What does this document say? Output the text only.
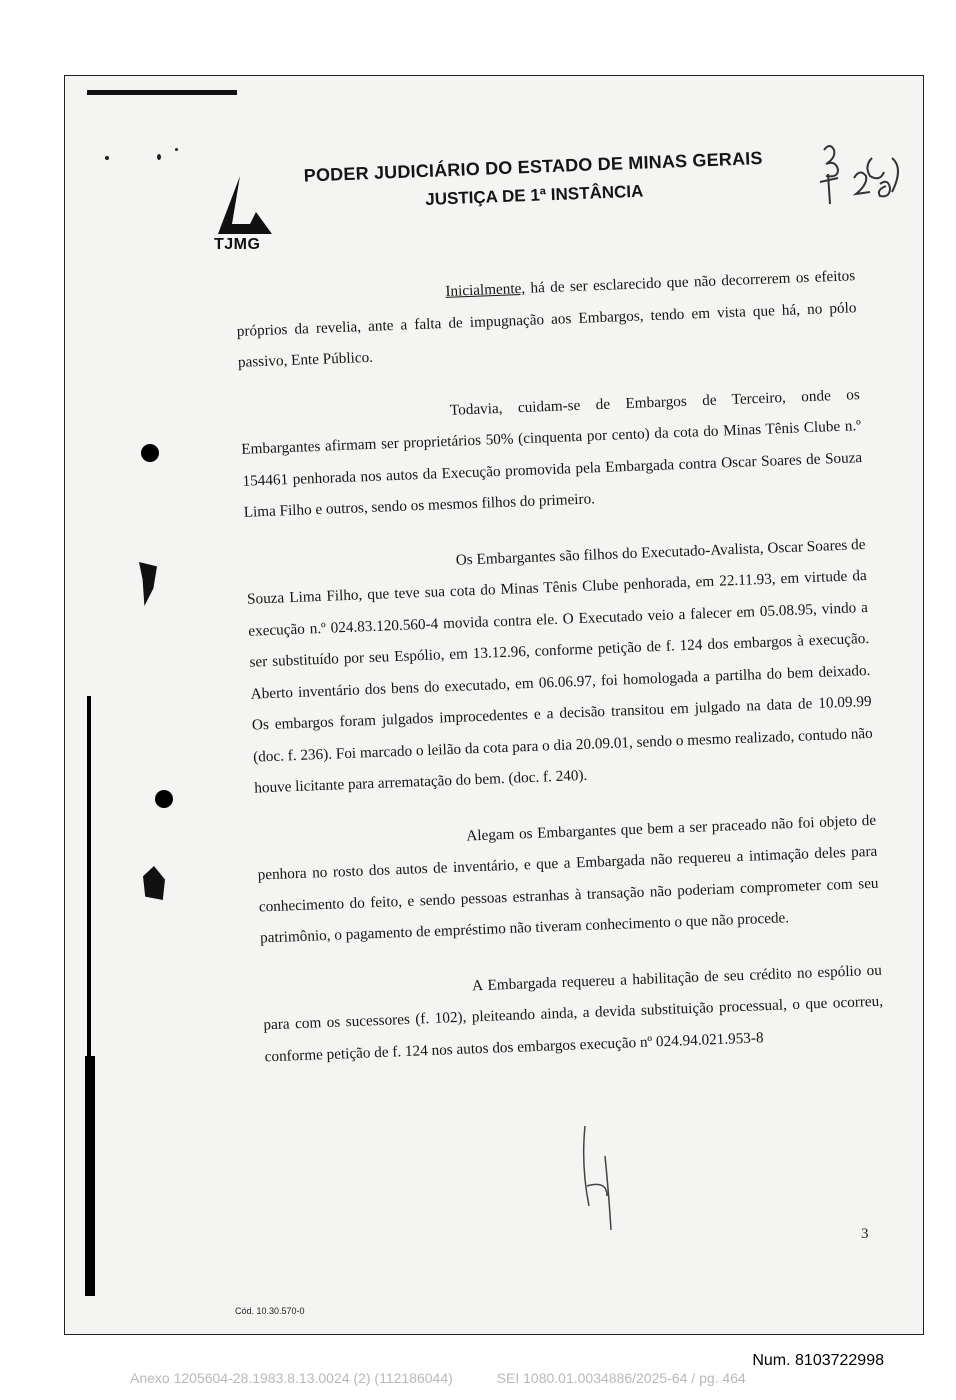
TJMG
PODER JUDICIÁRIO DO ESTADO DE MINAS GERAIS
JUSTIÇA DE 1ª INSTÂNCIA

Inicialmente, há de ser esclarecido que não decorrerem os efeitos próprios da revelia, ante a falta de impugnação aos Embargos, tendo em vista que há, no pólo passivo, Ente Público.

Todavia, cuidam-se de Embargos de Terceiro, onde os Embargantes afirmam ser proprietários 50% (cinquenta por cento) da cota do Minas Tênis Clube n.º 154461 penhorada nos autos da Execução promovida pela Embargada contra Oscar Soares de Souza Lima Filho e outros, sendo os mesmos filhos do primeiro.

Os Embargantes são filhos do Executado-Avalista, Oscar Soares de Souza Lima Filho, que teve sua cota do Minas Tênis Clube penhorada, em 22.11.93, em virtude da execução n.º 024.83.120.560-4 movida contra ele. O Executado veio a falecer em 05.08.95, vindo a ser substituído por seu Espólio, em 13.12.96, conforme petição de f. 124 dos embargos à execução. Aberto inventário dos bens do executado, em 06.06.97, foi homologada a partilha do bem deixado. Os embargos foram julgados improcedentes e a decisão transitou em julgado na data de 10.09.99 (doc. f. 236). Foi marcado o leilão da cota para o dia 20.09.01, sendo o mesmo realizado, contudo não houve licitante para arrematação do bem. (doc. f. 240).

Alegam os Embargantes que bem a ser praceado não foi objeto de penhora no rosto dos autos de inventário, e que a Embargada não requereu a intimação deles para conhecimento do feito, e sendo pessoas estranhas à transação não poderiam comprometer com seu patrimônio, o pagamento de empréstimo não tiveram conhecimento o que não procede.

A Embargada requereu a habilitação de seu crédito no espólio ou para com os sucessores (f. 102), pleiteando ainda, a devida substituição processual, o que ocorreu, conforme petição de f. 124 nos autos dos embargos execução nº 024.94.021.953-8

3
Cód. 10.30.570-0
Num. 8103722998
Anexo 1205604-28.1983.8.13.0024 (2) (112186044)	SEI 1080.01.0034886/2025-64 / pg. 464
